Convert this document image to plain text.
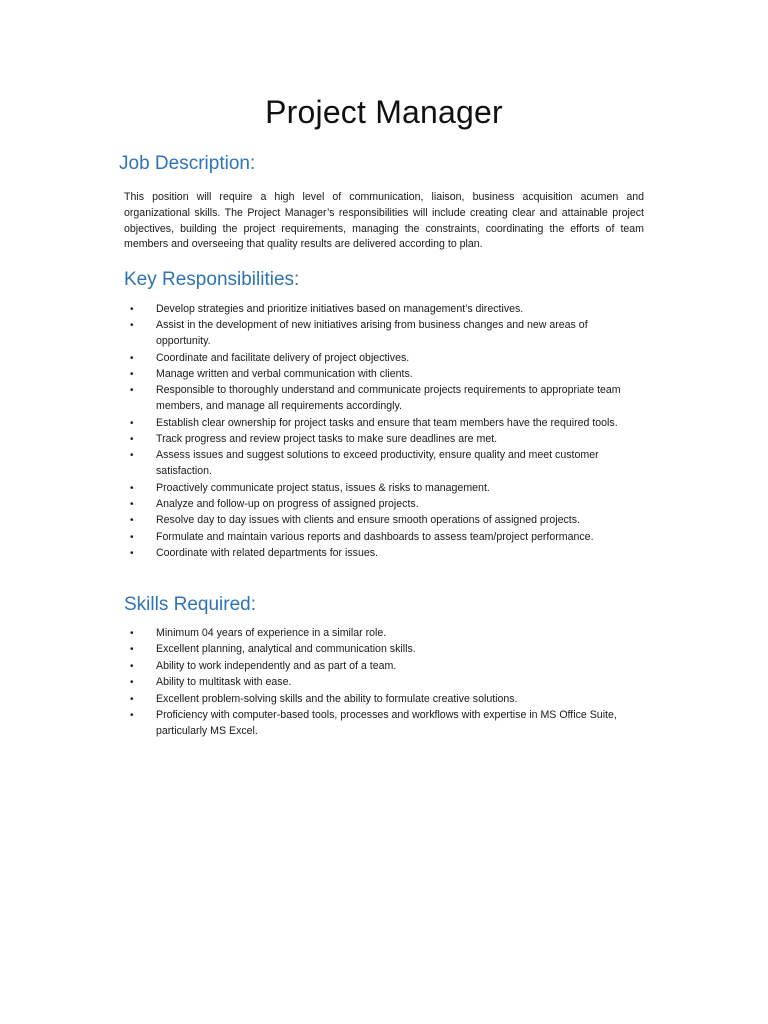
Project Manager
Job Description:

This position will require a high level of communication, liaison, business acquisition acumen and organizational skills. The Project Manager’s responsibilities will include creating clear and attainable project objectives, building the project requirements, managing the constraints, coordinating the efforts of team members and overseeing that quality results are delivered according to plan.

Key Responsibilities:
•	Develop strategies and prioritize initiatives based on management’s directives.
•	Assist in the development of new initiatives arising from business changes and new areas of opportunity.
•	Coordinate and facilitate delivery of project objectives.
•	Manage written and verbal communication with clients.
•	Responsible to thoroughly understand and communicate projects requirements to appropriate team members, and manage all requirements accordingly.
•	Establish clear ownership for project tasks and ensure that team members have the required tools.
•	Track progress and review project tasks to make sure deadlines are met.
•	Assess issues and suggest solutions to exceed productivity, ensure quality and meet customer satisfaction.
•	Proactively communicate project status, issues & risks to management.
•	Analyze and follow-up on progress of assigned projects.
•	Resolve day to day issues with clients and ensure smooth operations of assigned projects.
•	Formulate and maintain various reports and dashboards to assess team/project performance.
•	Coordinate with related departments for issues.
Skills Required:
•	Minimum 04 years of experience in a similar role.
•	Excellent planning, analytical and communication skills.
•	Ability to work independently and as part of a team.
•	Ability to multitask with ease.
•	Excellent problem-solving skills and the ability to formulate creative solutions.
•	Proficiency with computer-based tools, processes and workflows with expertise in MS Office Suite, particularly MS Excel.
